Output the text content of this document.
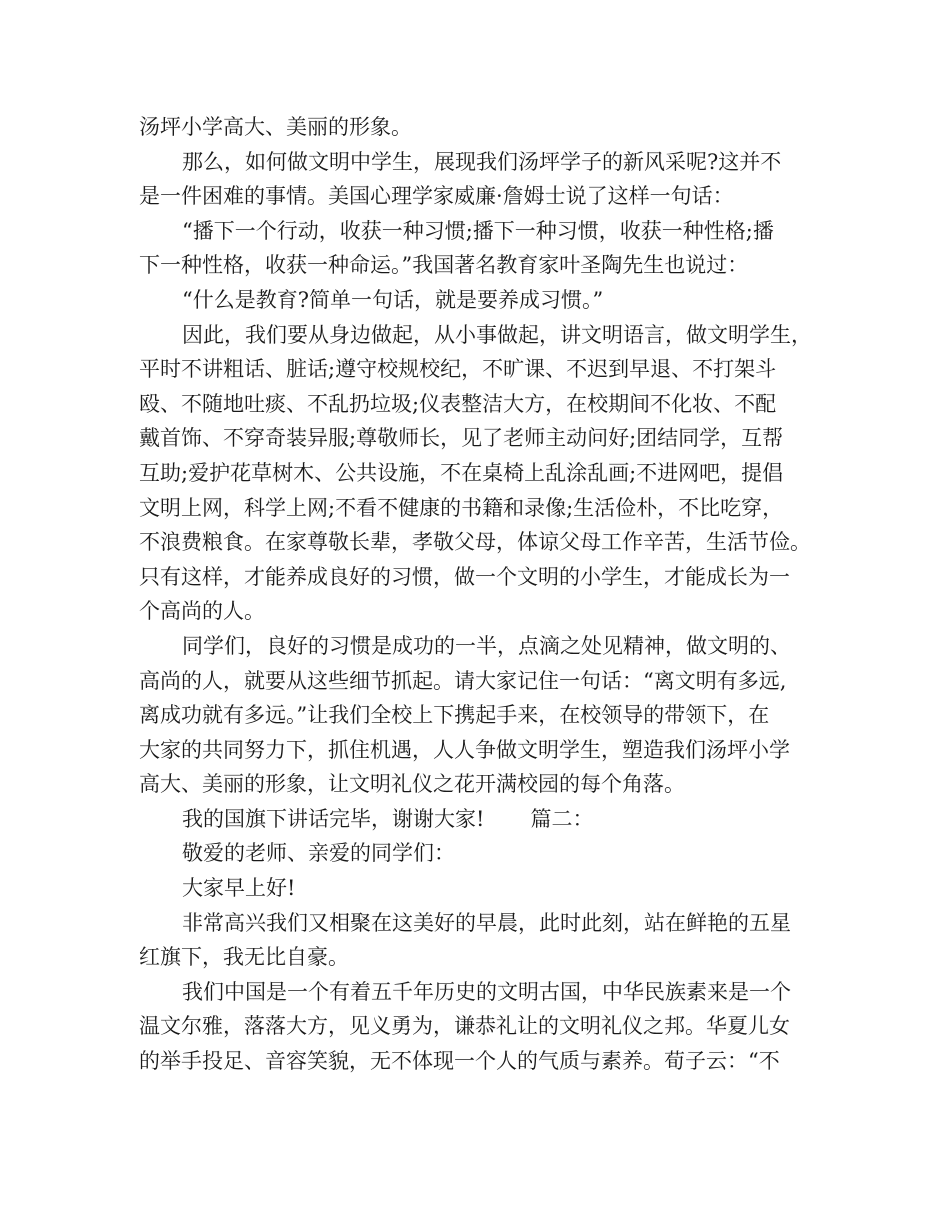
汤坪小学高大、美丽的形象。
那么，如何做文明中学生，展现我们汤坪学子的新风采呢?这并不
是一件困难的事情。美国心理学家威廉·詹姆士说了这样一句话：
“播下一个行动，收获一种习惯;播下一种习惯，收获一种性格;播
下一种性格，收获一种命运。”我国著名教育家叶圣陶先生也说过：
“什么是教育?简单一句话，就是要养成习惯。”
因此，我们要从身边做起，从小事做起，讲文明语言，做文明学生，
平时不讲粗话、脏话;遵守校规校纪，不旷课、不迟到早退、不打架斗
殴、不随地吐痰、不乱扔垃圾;仪表整洁大方，在校期间不化妆、不配
戴首饰、不穿奇装异服;尊敬师长，见了老师主动问好;团结同学，互帮
互助;爱护花草树木、公共设施，不在桌椅上乱涂乱画;不进网吧，提倡
文明上网，科学上网;不看不健康的书籍和录像;生活俭朴，不比吃穿，
不浪费粮食。在家尊敬长辈，孝敬父母，体谅父母工作辛苦，生活节俭。
只有这样，才能养成良好的习惯，做一个文明的小学生，才能成长为一
个高尚的人。
同学们，良好的习惯是成功的一半，点滴之处见精神，做文明的、
高尚的人，就要从这些细节抓起。请大家记住一句话：“离文明有多远,
离成功就有多远。”让我们全校上下携起手来，在校领导的带领下，在
大家的共同努力下，抓住机遇，人人争做文明学生，塑造我们汤坪小学
高大、美丽的形象，让文明礼仪之花开满校园的每个角落。
我的国旗下讲话完毕，谢谢大家! 篇二：
敬爱的老师、亲爱的同学们：
大家早上好!
非常高兴我们又相聚在这美好的早晨，此时此刻，站在鲜艳的五星
红旗下，我无比自豪。
我们中国是一个有着五千年历史的文明古国，中华民族素来是一个
温文尔雅，落落大方，见义勇为，谦恭礼让的文明礼仪之邦。华夏儿女
的举手投足、音容笑貌，无不体现一个人的气质与素养。荀子云：“不
